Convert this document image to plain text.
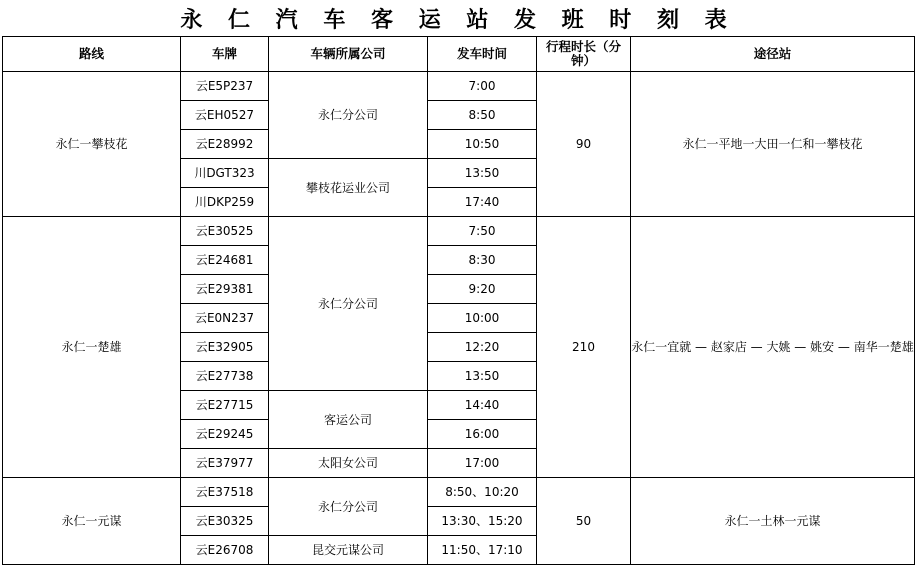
永 仁 汽 车 客 运 站 发 班 时 刻 表
路线	车牌	车辆所属公司	发车时间	行程时长（分钟）	途径站
永仁一攀枝花	云E5P237	永仁分公司	7:00	90	永仁一平地一大田一仁和一攀枝花
	云EH0527		8:50		
	云E28992		10:50		
	川DGT323	攀枝花运业公司	13:50		
	川DKP259		17:40		
永仁一楚雄	云E30525	永仁分公司	7:50	210	永仁一宜就 — 赵家店 — 大姚 — 姚安 — 南华一楚雄
	云E24681		8:30		
	云E29381		9:20		
	云E0N237		10:00		
	云E32905		12:20		
	云E27738		13:50		
	云E27715	客运公司	14:40		
	云E29245		16:00		
	云E37977	太阳女公司	17:00		
永仁一元谋	云E37518	永仁分公司	8:50、10:20	50	永仁一土林一元谋
	云E30325		13:30、15:20		
	云E26708	昆交元谋公司	11:50、17:10		
